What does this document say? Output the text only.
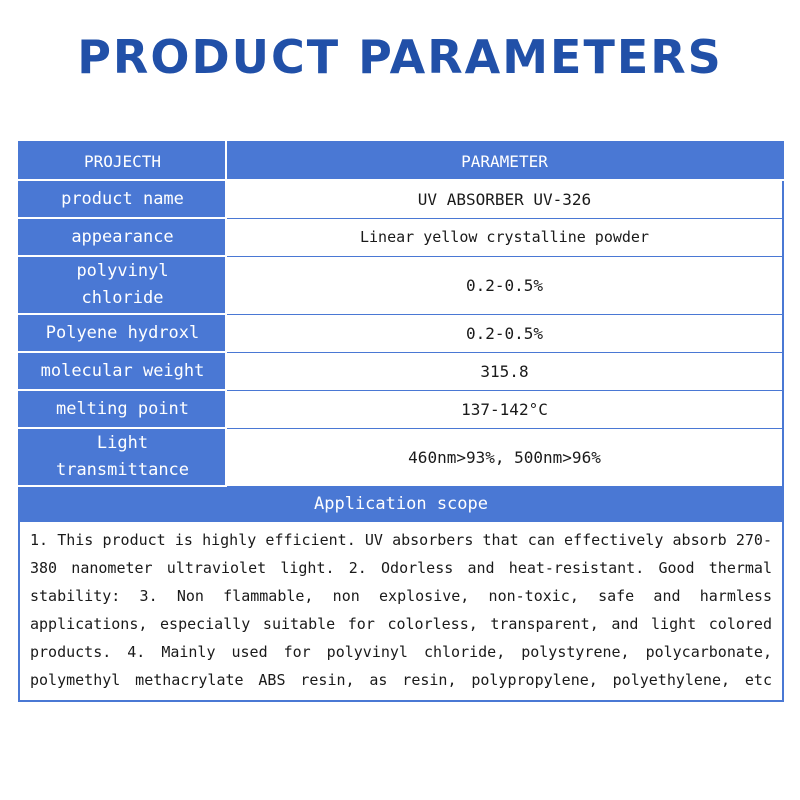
PRODUCT PARAMETERS
PROJECTH	PARAMETER
product name	UV ABSORBER UV-326
appearance	Linear yellow crystalline powder
polyvinyl chloride	0.2-0.5%
Polyene hydroxl	0.2-0.5%
molecular weight	315.8
melting point	137-142°C
Light transmittance	460nm>93%, 500nm>96%
Application scope	
1. This product is highly efficient. UV absorbers that can effectively absorb 270-380 nanometer ultraviolet light. 2. Odorless and heat-resistant. Good thermal stability: 3. Non flammable, non explosive, non-toxic, safe and harmless applications, especially suitable for colorless, transparent, and light colored products. 4. Mainly used for polyvinyl chloride, polystyrene, polycarbonate, polymethyl methacrylate ABS resin, as resin, polypropylene, polyethylene, etc	
